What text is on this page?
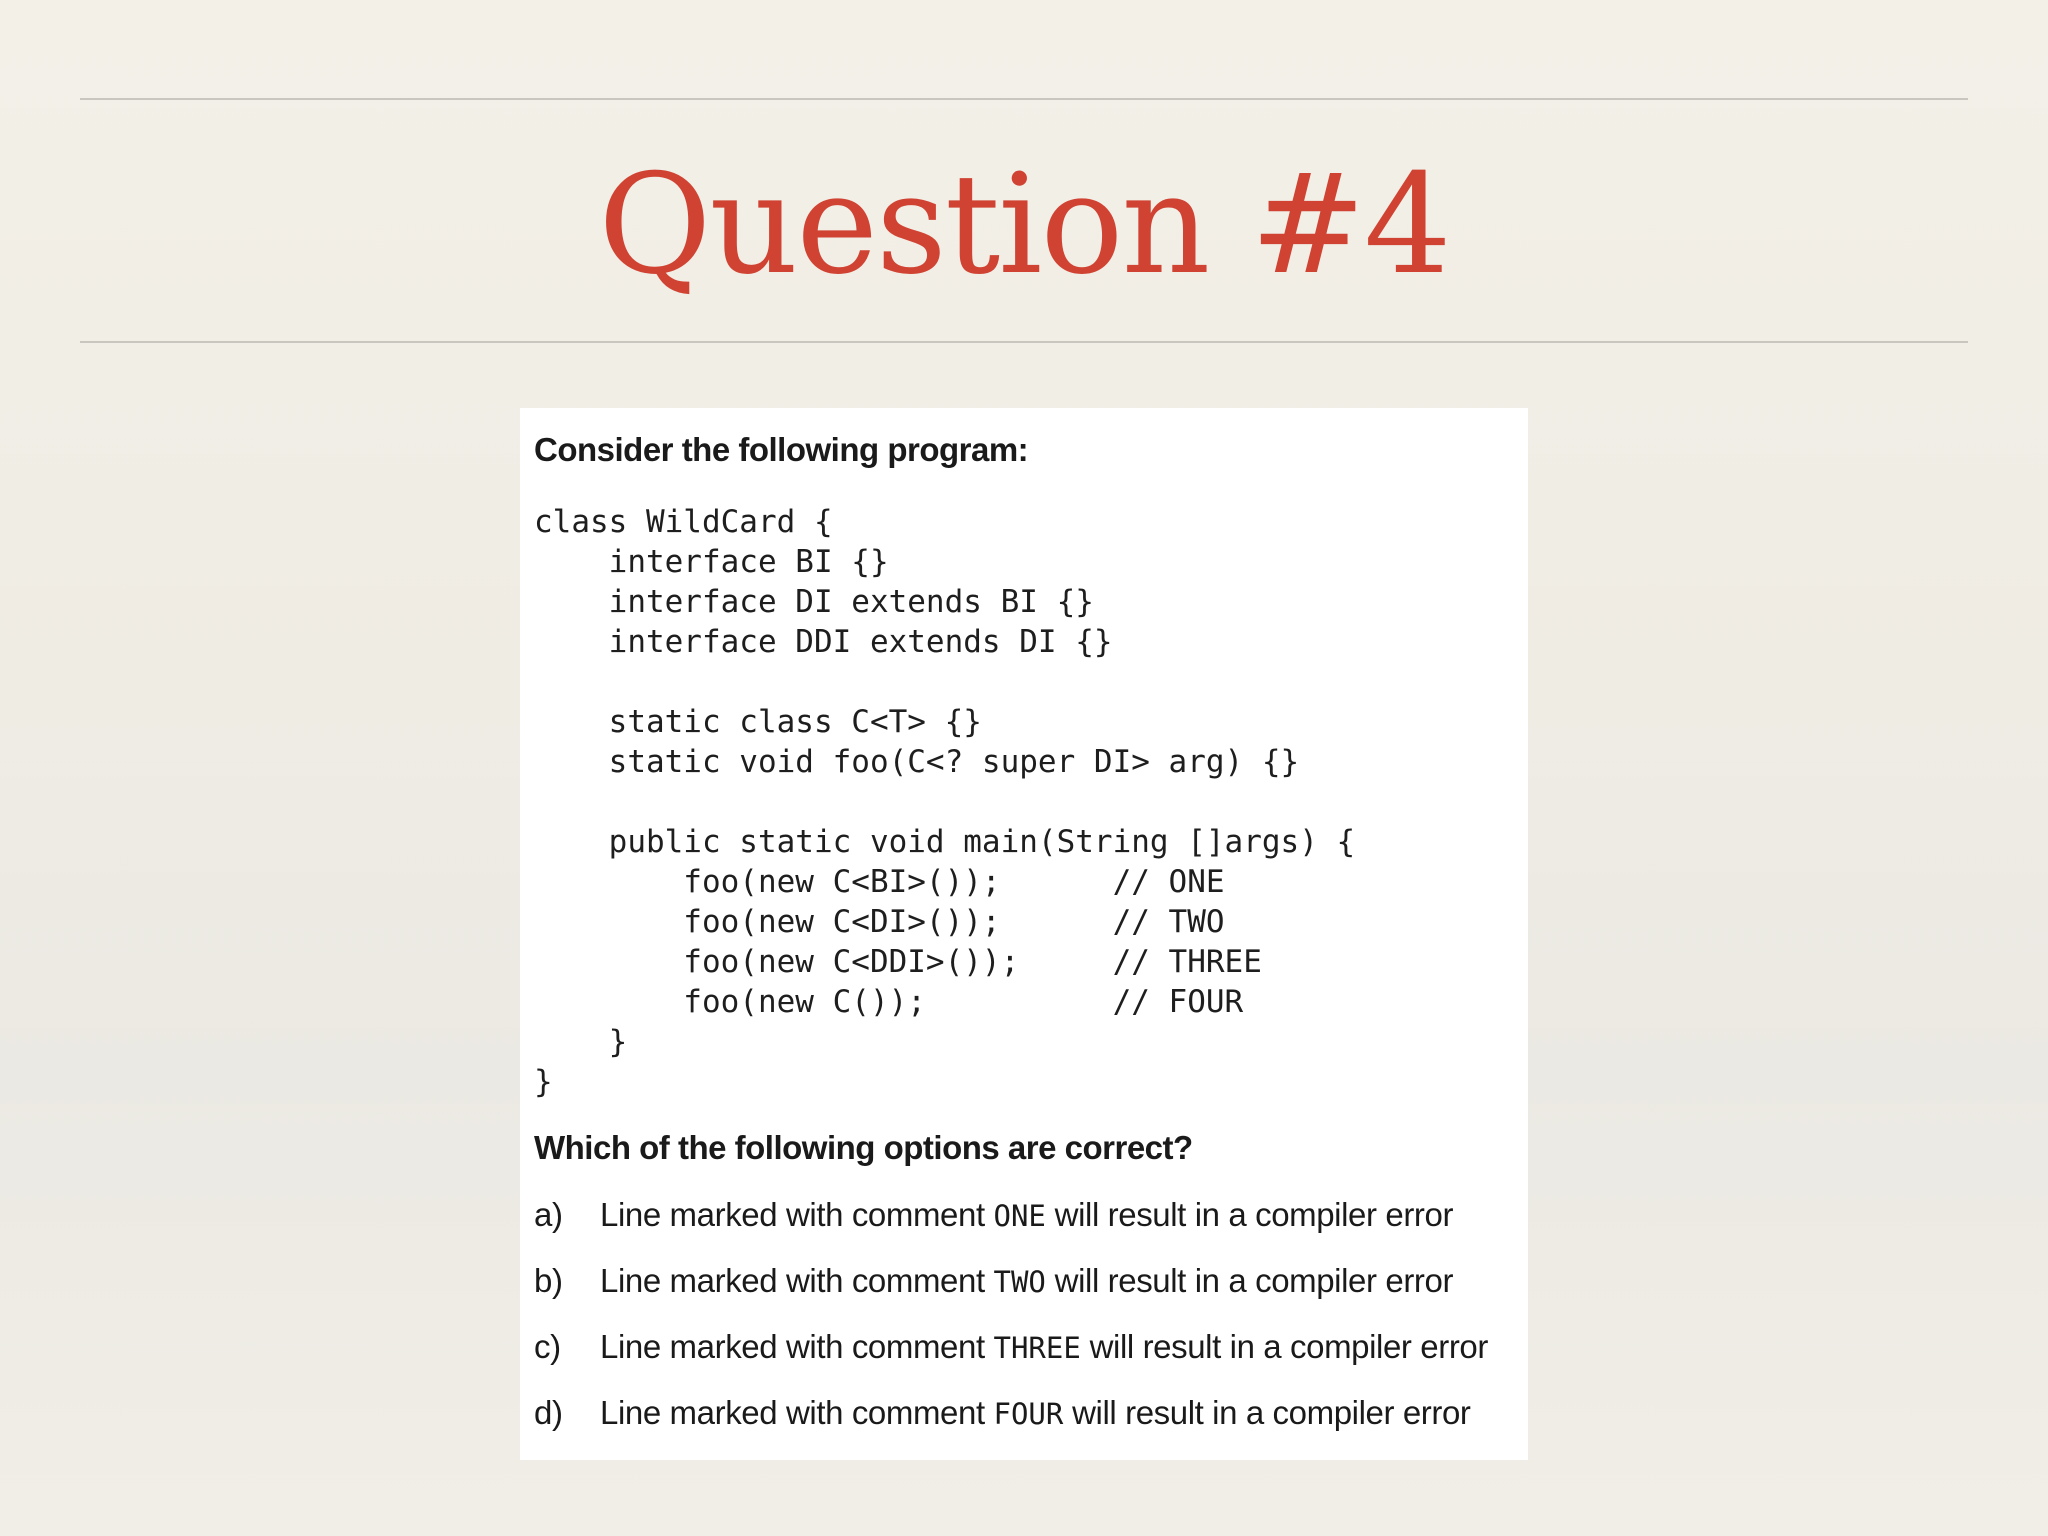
Question #4
Consider the following program:
class WildCard {
interface BI {}
interface DI extends BI {}
interface DDI extends DI {}
static class C<T> {}
static void foo(C<? super DI> arg) {}
public static void main(String []args) {
foo(new C<BI>());      // ONE
foo(new C<DI>());      // TWO
foo(new C<DDI>());     // THREE
foo(new C());          // FOUR
}
}
Which of the following options are correct?
a)	Line marked with comment ONE will result in a compiler error
b)	Line marked with comment TWO will result in a compiler error
c)	Line marked with comment THREE will result in a compiler error
d)	Line marked with comment FOUR will result in a compiler error
